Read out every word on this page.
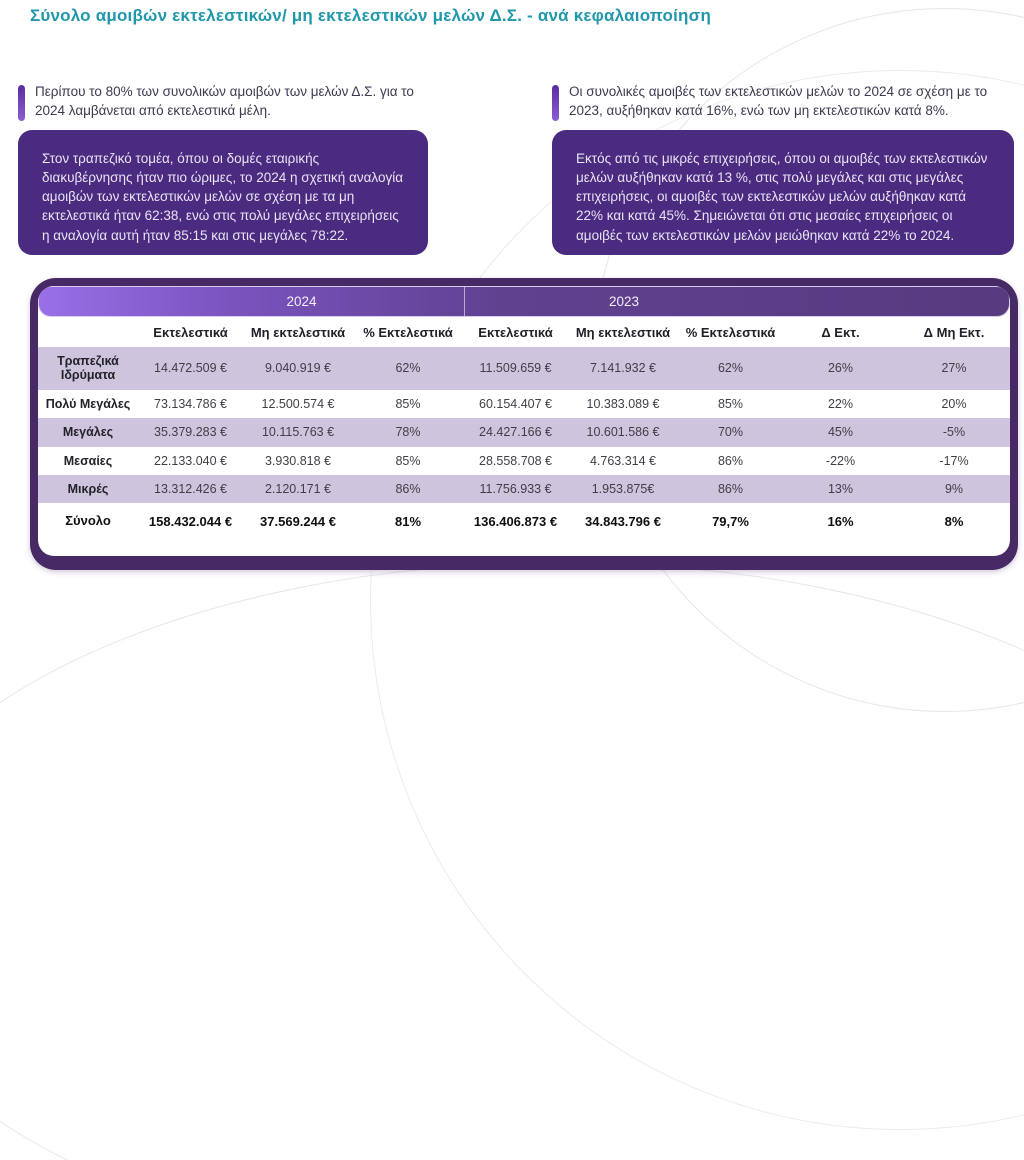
Σύνολο αμοιβών εκτελεστικών/ μη εκτελεστικών μελών Δ.Σ. - ανά κεφαλαιοποίηση

Περίπου το 80% των συνολικών αμοιβών των μελών Δ.Σ. για το 2024 λαμβάνεται από εκτελεστικά μέλη.

Οι συνολικές αμοιβές των εκτελεστικών μελών το 2024 σε σχέση με το 2023, αυξήθηκαν κατά 16%, ενώ των μη εκτελεστικών κατά 8%.

Στον τραπεζικό τομέα, όπου οι δομές εταιρικής διακυβέρνησης ήταν πιο ώριμες, το 2024 η σχετική αναλογία αμοιβών των εκτελεστικών μελών σε σχέση με τα μη εκτελεστικά ήταν 62:38, ενώ στις πολύ μεγάλες επιχειρήσεις η αναλογία αυτή ήταν 85:15 και στις μεγάλες 78:22.

Εκτός από τις μικρές επιχειρήσεις, όπου οι αμοιβές των εκτελεστικών μελών αυξήθηκαν κατά 13 %, στις πολύ μεγάλες και στις μεγάλες επιχειρήσεις, οι αμοιβές των εκτελεστικών μελών αυξήθηκαν κατά 22% και κατά 45%. Σημειώνεται ότι στις μεσαίες επιχειρήσεις οι αμοιβές των εκτελεστικών μελών μειώθηκαν κατά 22% το 2024.

2024	2023
	Εκτελεστικά	Μη εκτελεστικά	% Εκτελεστικά	Εκτελεστικά	Μη εκτελεστικά	% Εκτελεστικά	Δ Εκτ.	Δ Μη Εκτ.
Τραπεζικά Ιδρύματα	14.472.509 €	9.040.919 €	62%	11.509.659 €	7.141.932 €	62%	26%	27%
Πολύ Μεγάλες	73.134.786 €	12.500.574 €	85%	60.154.407 €	10.383.089 €	85%	22%	20%
Μεγάλες	35.379.283 €	10.115.763 €	78%	24.427.166 €	10.601.586 €	70%	45%	-5%
Μεσαίες	22.133.040 €	3.930.818 €	85%	28.558.708 €	4.763.314 €	86%	-22%	-17%
Μικρές	13.312.426 €	2.120.171 €	86%	11.756.933 €	1.953.875€	86%	13%	9%
Σύνολο	158.432.044 €	37.569.244 €	81%	136.406.873 €	34.843.796 €	79,7%	16%	8%
